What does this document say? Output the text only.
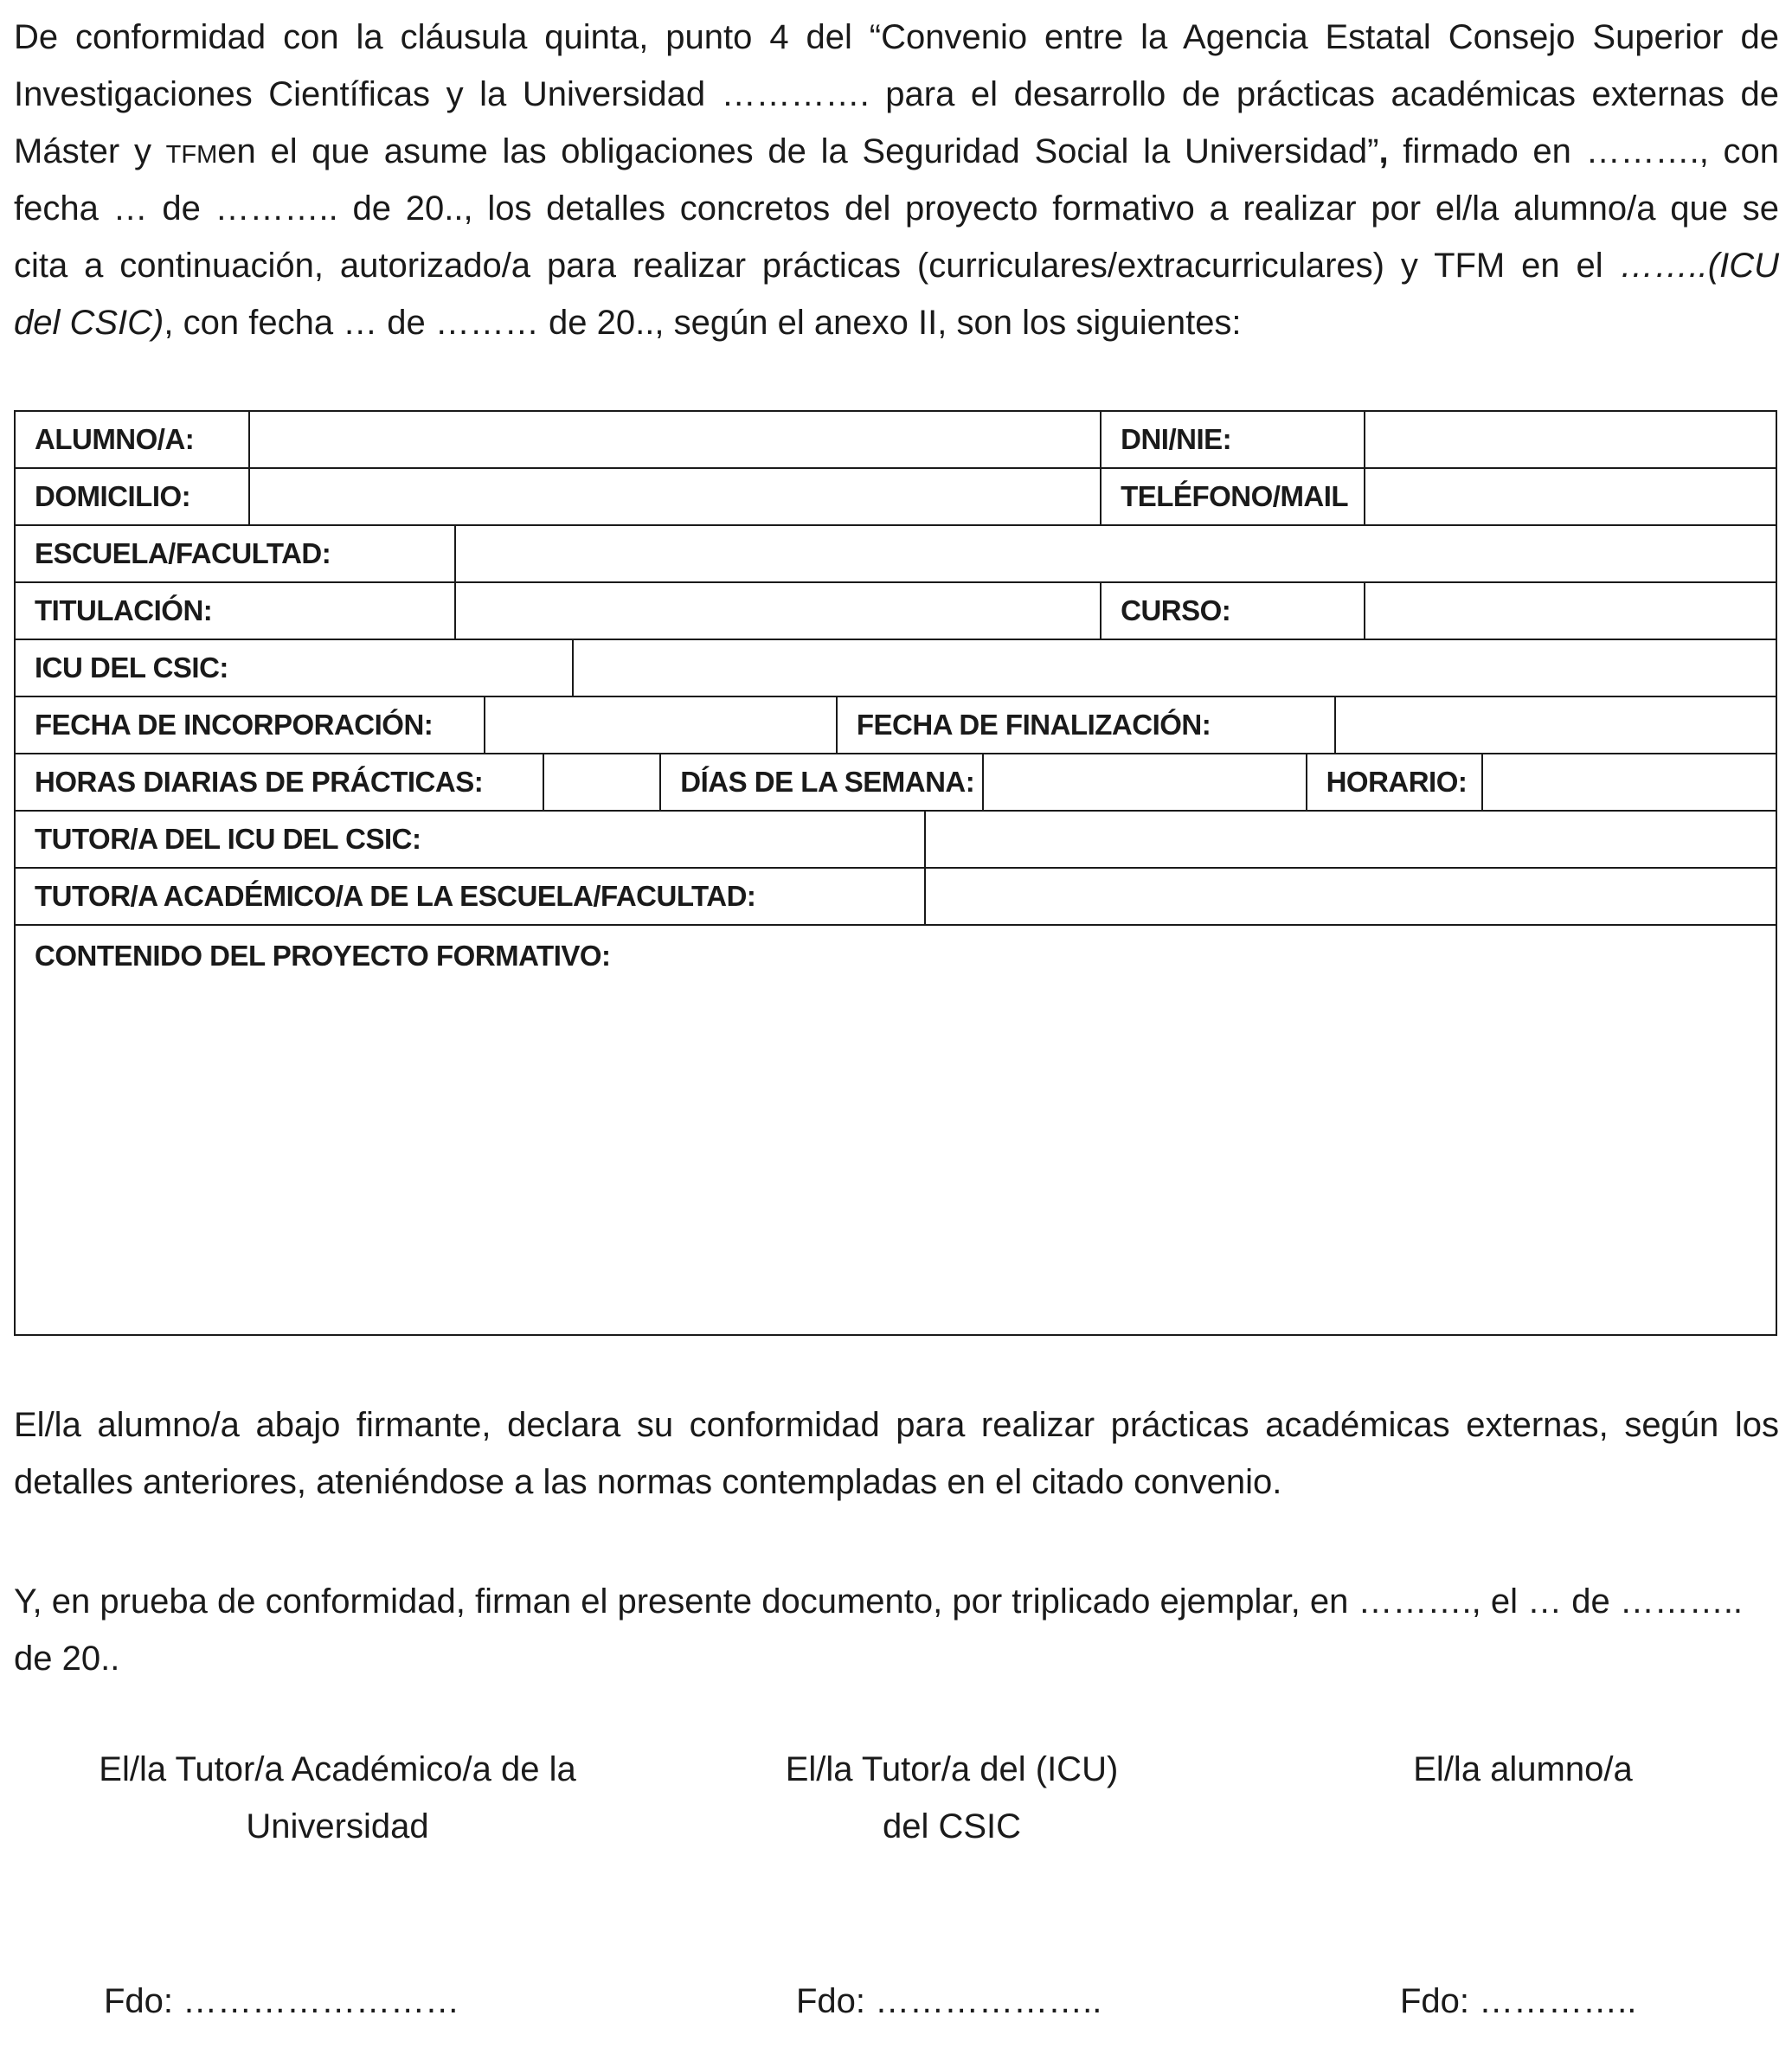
De conformidad con la cláusula quinta, punto 4 del “Convenio entre la Agencia Estatal Consejo Superior de
Investigaciones Científicas y la Universidad …………. para el desarrollo de prácticas académicas externas de
Máster y TFMen el que asume las obligaciones de la Seguridad Social la Universidad”, firmado en ………., con
fecha … de ……….. de 20.., los detalles concretos del proyecto formativo a realizar por el/la alumno/a que se
cita a continuación, autorizado/a para realizar prácticas (curriculares/extracurriculares) y TFM en el ……..(ICU
del CSIC), con fecha … de ……… de 20.., según el anexo II, son los siguientes:
ALUMNO/A:										DNI/NIE:				
DOMICILIO:										TELÉFONO/MAIL				
ESCUELA/FACULTAD:														
TITULACIÓN:										CURSO:				
ICU DEL CSIC:														
FECHA DE INCORPORACIÓN:							FECHA DE FINALIZACIÓN:							
HORAS DIARIAS DE PRÁCTICAS:						DÍAS DE LA SEMANA:					HORARIO:			
TUTOR/A DEL ICU DEL CSIC:														
TUTOR/A ACADÉMICO/A DE LA ESCUELA/FACULTAD:														
CONTENIDO DEL PROYECTO FORMATIVO:														

El/la alumno/a abajo firmante, declara su conformidad para realizar prácticas académicas externas, según los detalles anteriores, ateniéndose a las normas contempladas en el citado convenio.

Y, en prueba de conformidad, firman el presente documento, por triplicado ejemplar, en ………., el … de ……….. de 20..

El/la Tutor/a Académico/a de la
Universidad
El/la Tutor/a del (ICU)
del CSIC
El/la alumno/a
Fdo: ……………………	Fdo: ………………..	Fdo: …………..
